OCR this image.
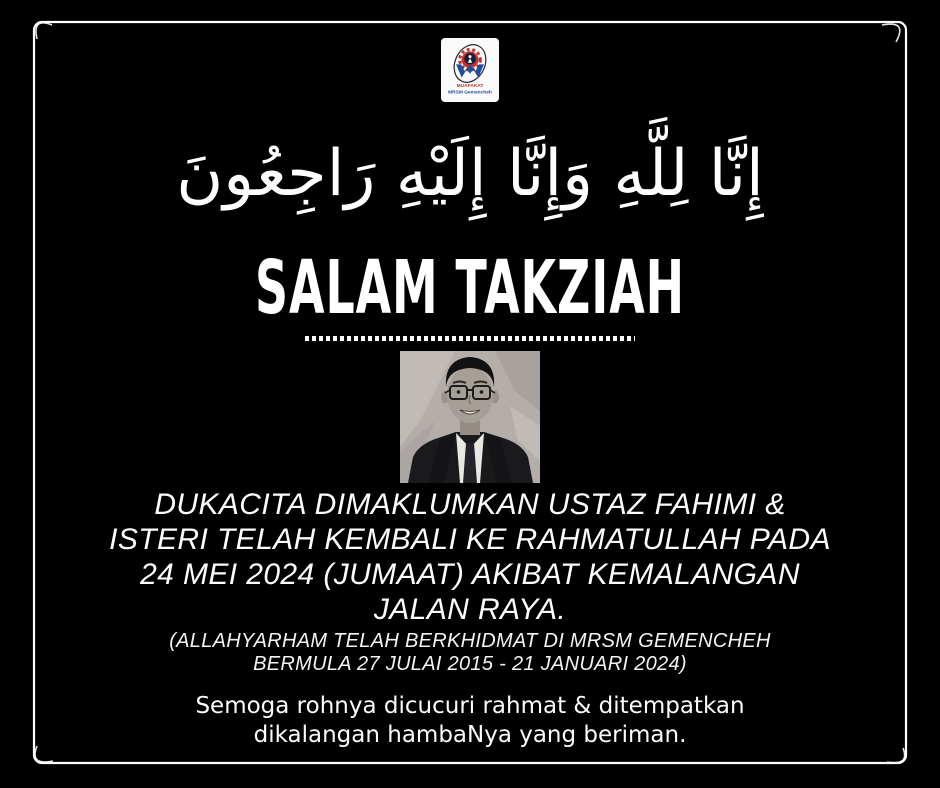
MUAFAKAT
MRSM Gemencheh
إِنَّا لِلَّهِ وَإِنَّا إِلَيْهِ رَاجِعُونَ
SALAM TAKZIAH
DUKACITA DIMAKLUMKAN USTAZ FAHIMI &
ISTERI TELAH KEMBALI KE RAHMATULLAH PADA
24 MEI 2024 (JUMAAT) AKIBAT KEMALANGAN
JALAN RAYA.
(ALLAHYARHAM TELAH BERKHIDMAT DI MRSM GEMENCHEH
BERMULA 27 JULAI 2015 - 21 JANUARI 2024)
Semoga rohnya dicucuri rahmat & ditempatkan
dikalangan hambaNya yang beriman.
